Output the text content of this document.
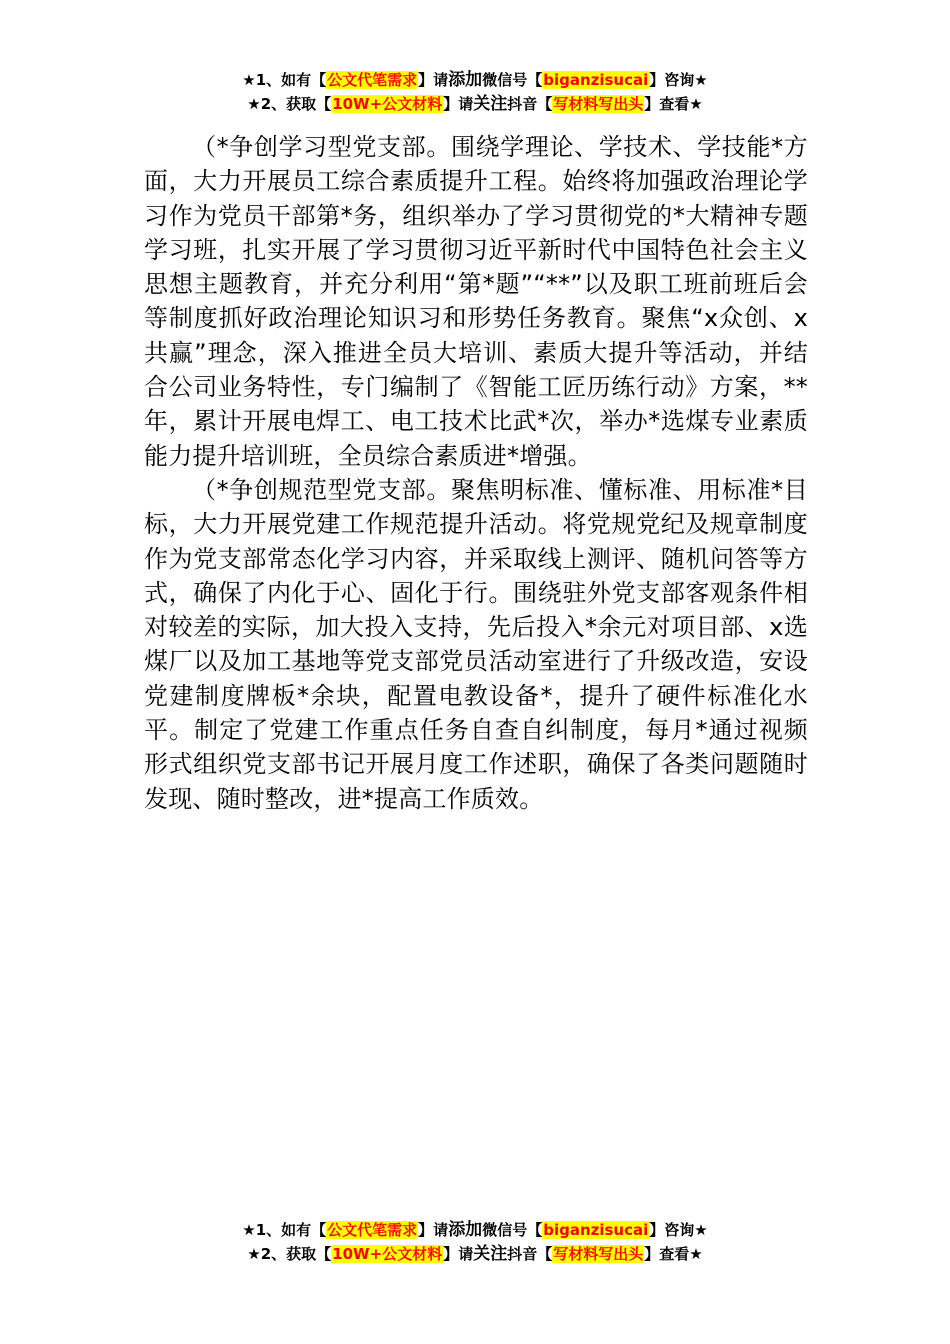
★1、如有【公文代笔需求】请添加微信号【biganzisucai】咨询★
★2、获取【10W+公文材料】请关注抖音【写材料写出头】查看★

（*争创学习型党支部。围绕学理论、学技术、学技能*方面，大力开展员工综合素质提升工程。始终将加强政治理论学习作为党员干部第*务，组织举办了学习贯彻党的*大精神专题学习班，扎实开展了学习贯彻习近平新时代中国特色社会主义思想主题教育，并充分利用“第*题”“**”以及职工班前班后会等制度抓好政治理论知识习和形势任务教育。聚焦“x众创、x共赢”理念，深入推进全员大培训、素质大提升等活动，并结合公司业务特性，专门编制了《智能工匠历练行动》方案，**年，累计开展电焊工、电工技术比武*次，举办*选煤专业素质能力提升培训班，全员综合素质进*增强。

（*争创规范型党支部。聚焦明标准、懂标准、用标准*目标，大力开展党建工作规范提升活动。将党规党纪及规章制度作为党支部常态化学习内容，并采取线上测评、随机问答等方式，确保了内化于心、固化于行。围绕驻外党支部客观条件相对较差的实际，加大投入支持，先后投入*余元对项目部、x选煤厂以及加工基地等党支部党员活动室进行了升级改造，安设党建制度牌板*余块，配置电教设备*，提升了硬件标准化水平。制定了党建工作重点任务自查自纠制度，每月*通过视频形式组织党支部书记开展月度工作述职，确保了各类问题随时发现、随时整改，进*提高工作质效。

★1、如有【公文代笔需求】请添加微信号【biganzisucai】咨询★
★2、获取【10W+公文材料】请关注抖音【写材料写出头】查看★
